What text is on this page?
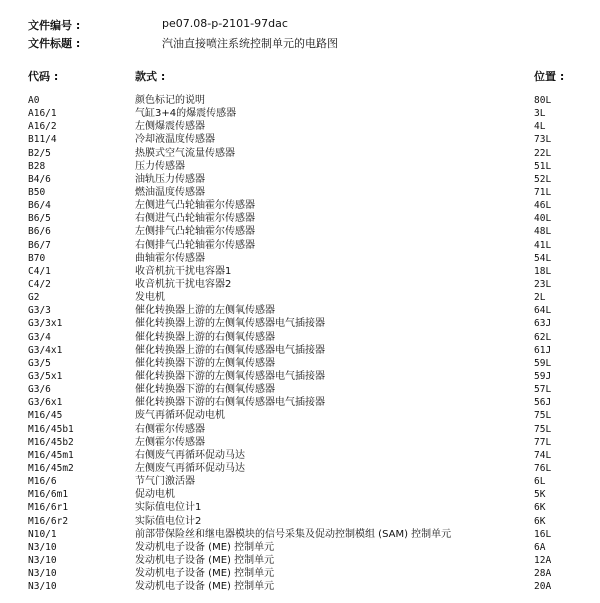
文件编号 :	pe07.08-p-2101-97dac
文件标题 :	汽油直接喷注系统控制单元的电路图
代码 :	款式 :	位置 :
A0	颜色标记的说明	80L
A16/1	气缸3+4的爆震传感器	3L
A16/2	左侧爆震传感器	4L
B11/4	冷却液温度传感器	73L
B2/5	热膜式空气流量传感器	22L
B28	压力传感器	51L
B4/6	油轨压力传感器	52L
B50	燃油温度传感器	71L
B6/4	左侧进气凸轮轴霍尔传感器	46L
B6/5	右侧进气凸轮轴霍尔传感器	40L
B6/6	左侧排气凸轮轴霍尔传感器	48L
B6/7	右侧排气凸轮轴霍尔传感器	41L
B70	曲轴霍尔传感器	54L
C4/1	收音机抗干扰电容器1	18L
C4/2	收音机抗干扰电容器2	23L
G2	发电机	2L
G3/3	催化转换器上游的左侧氧传感器	64L
G3/3x1	催化转换器上游的左侧氧传感器电气插接器	63J
G3/4	催化转换器上游的右侧氧传感器	62L
G3/4x1	催化转换器上游的右侧氧传感器电气插接器	61J
G3/5	催化转换器下游的左侧氧传感器	59L
G3/5x1	催化转换器下游的左侧氧传感器电气插接器	59J
G3/6	催化转换器下游的右侧氧传感器	57L
G3/6x1	催化转换器下游的右侧氧传感器电气插接器	56J
M16/45	废气再循环促动电机	75L
M16/45b1	右侧霍尔传感器	75L
M16/45b2	左侧霍尔传感器	77L
M16/45m1	右侧废气再循环促动马达	74L
M16/45m2	左侧废气再循环促动马达	76L
M16/6	节气门激活器	6L
M16/6m1	促动电机	5K
M16/6r1	实际值电位计1	6K
M16/6r2	实际值电位计2	6K
N10/1	前部带保险丝和继电器模块的信号采集及促动控制模组 (SAM) 控制单元	16L
N3/10	发动机电子设备 (ME) 控制单元	6A
N3/10	发动机电子设备 (ME) 控制单元	12A
N3/10	发动机电子设备 (ME) 控制单元	28A
N3/10	发动机电子设备 (ME) 控制单元	20A
